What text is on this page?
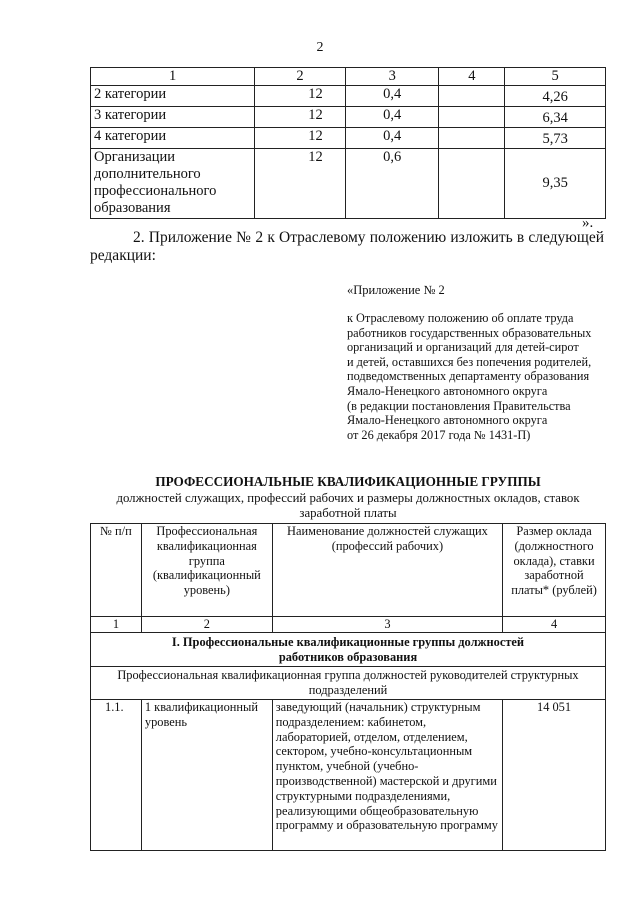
2
1	2	3	4	5
2 категории	12	0,4		4,26
3 категории	12	0,4		6,34
4 категории	12	0,4		5,73
Организации дополнительного профессионального образования	12	0,6		9,35
».
2. Приложение № 2 к Отраслевому положению изложить в следующей редакции:
«Приложение № 2
к Отраслевому положению об оплате труда
работников государственных образовательных
организаций и организаций для детей-сирот
и детей, оставшихся без попечения родителей,
подведомственных департаменту образования
Ямало-Ненецкого автономного округа
(в редакции постановления Правительства
Ямало-Ненецкого автономного округа
от 26 декабря 2017 года № 1431-П)
ПРОФЕССИОНАЛЬНЫЕ КВАЛИФИКАЦИОННЫЕ ГРУППЫ
должностей служащих, профессий рабочих и размеры должностных окладов, ставок заработной платы
№ п/п	Профессиональная квалификационная группа (квалификационный уровень)	Наименование должностей служащих (профессий рабочих)	Размер оклада (должностного оклада), ставки заработной платы* (рублей)
1	2	3	4
I. Профессиональные квалификационные группы должностей работников образования			
Профессиональная квалификационная группа должностей руководителей структурных подразделений			
1.1.	1 квалификационный уровень	заведующий (начальник) структурным подразделением: кабинетом, лабораторией, отделом, отделением, сектором, учебно-консультационным пунктом, учебной (учебно-производственной) мастерской и другими структурными подразделениями, реализующими общеобразовательную программу и образовательную программу	14 051
